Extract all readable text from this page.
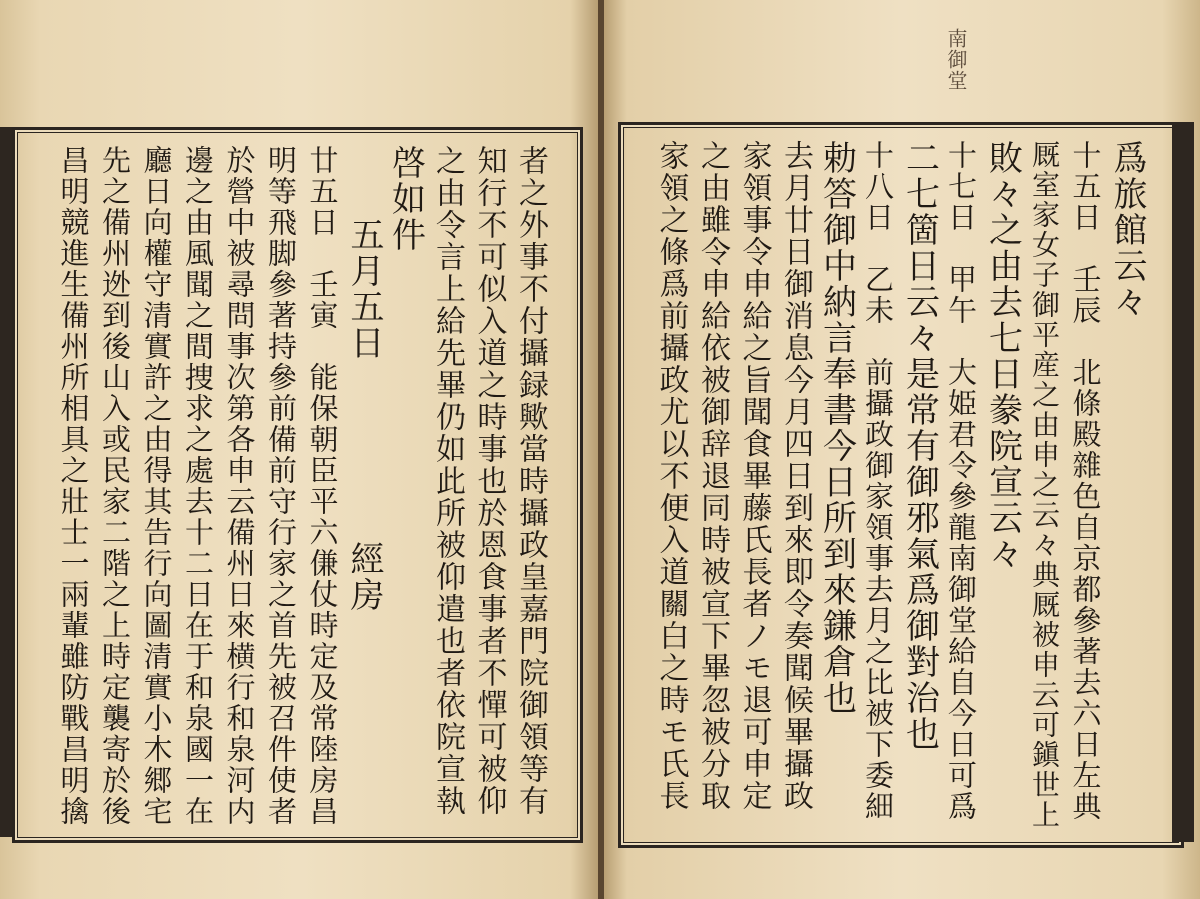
南御堂
爲旅館云々
十五日　壬辰　北條殿雜色自京都參著去六日左典
厩室家女子御平産之由申之云々典厩被申云可鎭世上
敗々之由去七日豢院宣云々
十七日　甲午　大姫君令參龍南御堂給自今日可爲
二七箇日云々是常有御邪氣爲御對治也
十八日　乙未　前攝政御家領事去月之比被下委細
勅答御中納言奉書今日所到來鎌倉也
去月廿日御消息今月四日到來即令奏聞候畢攝政
家領事令申給之旨聞食畢藤氏長者ノモ退可申定
之由雖令申給依被御辞退同時被宣下畢忽被分取
家領之條爲前攝政尤以不便入道關白之時モ氏長
者之外事不付攝録歟當時攝政皇嘉門院御領等有
知行不可似入道之時事也於恩食事者不憚可被仰
之由令言上給先畢仍如此所被仰遣也者依院宣執
啓如件
　　五月五日　　　　　經房
廿五日　壬寅　能保朝臣平六傔仗時定及常陸房昌
明等飛脚參著持參前備前守行家之首先被召件使者
於營中被尋問事次第各申云備州日來横行和泉河内
邊之由風聞之間捜求之處去十二日在于和泉國一在
廳日向權守清實許之由得其告行向圖清實小木郷宅
先之備州迯到後山入或民家二階之上時定襲寄於後
昌明競進生備州所相具之壯士一兩輩雖防戰昌明擒
